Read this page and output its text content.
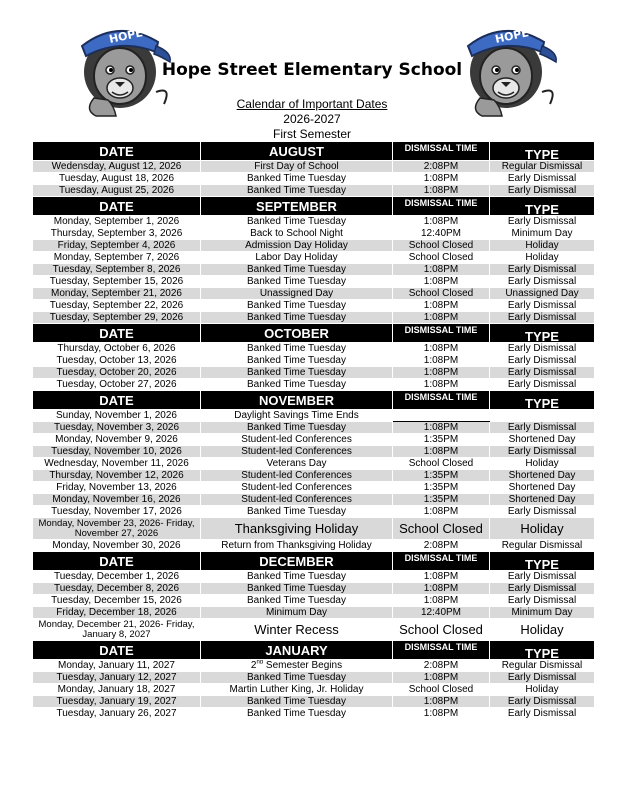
HOPE	HOPE
Hope Street Elementary School
Calendar of Important Dates
2026-2027
First Semester
DATE	AUGUST	DISMISSAL TIME	TYPE
Wedensday, August 12, 2026	First Day of School	2:08PM	Regular Dismissal
Tuesday, August 18, 2026	Banked Time Tuesday	1:08PM	Early Dismissal
Tuesday, August 25, 2026	Banked Time Tuesday	1:08PM	Early Dismissal
DATE	SEPTEMBER	DISMISSAL TIME	TYPE
Monday, September 1, 2026	Banked Time Tuesday	1:08PM	Early Dismissal
Thursday, September 3, 2026	Back to School Night	12:40PM	Minimum Day
Friday, September 4, 2026	Admission Day Holiday	School Closed	Holiday
Monday, September 7, 2026	Labor Day Holiday	School Closed	Holiday
Tuesday, September 8, 2026	Banked Time Tuesday	1:08PM	Early Dismissal
Tuesday, September 15, 2026	Banked Time Tuesday	1:08PM	Early Dismissal
Monday, September 21, 2026	Unassigned Day	School Closed	Unassigned Day
Tuesday, September 22, 2026	Banked Time Tuesday	1:08PM	Early Dismissal
Tuesday, September 29, 2026	Banked Time Tuesday	1:08PM	Early Dismissal
DATE	OCTOBER	DISMISSAL TIME	TYPE
Thursday, October 6, 2026	Banked Time Tuesday	1:08PM	Early Dismissal
Tuesday, October 13, 2026	Banked Time Tuesday	1:08PM	Early Dismissal
Tuesday, October 20, 2026	Banked Time Tuesday	1:08PM	Early Dismissal
Tuesday, October 27, 2026	Banked Time Tuesday	1:08PM	Early Dismissal
DATE	NOVEMBER	DISMISSAL TIME	TYPE
Sunday, November 1, 2026	Daylight Savings Time Ends		
Tuesday, November 3, 2026	Banked Time Tuesday	1:08PM	Early Dismissal
Monday, November 9, 2026	Student-led Conferences	1:35PM	Shortened Day
Tuesday, November 10, 2026	Student-led Conferences	1:08PM	Early Dismissal
Wednesday, November 11, 2026	Veterans Day	School Closed	Holiday
Thursday, November 12, 2026	Student-led Conferences	1:35PM	Shortened Day
Friday, November 13, 2026	Student-led Conferences	1:35PM	Shortened Day
Monday, November 16, 2026	Student-led Conferences	1:35PM	Shortened Day
Tuesday, November 17, 2026	Banked Time Tuesday	1:08PM	Early Dismissal
Monday, November 23, 2026- Friday, November 27, 2026	Thanksgiving Holiday	School Closed	Holiday
Monday, November 30, 2026	Return from Thanksgiving Holiday	2:08PM	Regular Dismissal
DATE	DECEMBER	DISMISSAL TIME	TYPE
Tuesday, December 1, 2026	Banked Time Tuesday	1:08PM	Early Dismissal
Tuesday, December 8, 2026	Banked Time Tuesday	1:08PM	Early Dismissal
Tuesday, December 15, 2026	Banked Time Tuesday	1:08PM	Early Dismissal
Friday, December 18, 2026	Minimum Day	12:40PM	Minimum Day
Monday, December 21, 2026- Friday, January 8, 2027	Winter Recess	School Closed	Holiday
DATE	JANUARY	DISMISSAL TIME	TYPE
Monday, January 11, 2027	2nd Semester Begins	2:08PM	Regular Dismissal
Tuesday, January 12, 2027	Banked Time Tuesday	1:08PM	Early Dismissal
Monday, January 18, 2027	Martin Luther King, Jr. Holiday	School Closed	Holiday
Tuesday, January 19, 2027	Banked Time Tuesday	1:08PM	Early Dismissal
Tuesday, January 26, 2027	Banked Time Tuesday	1:08PM	Early Dismissal
